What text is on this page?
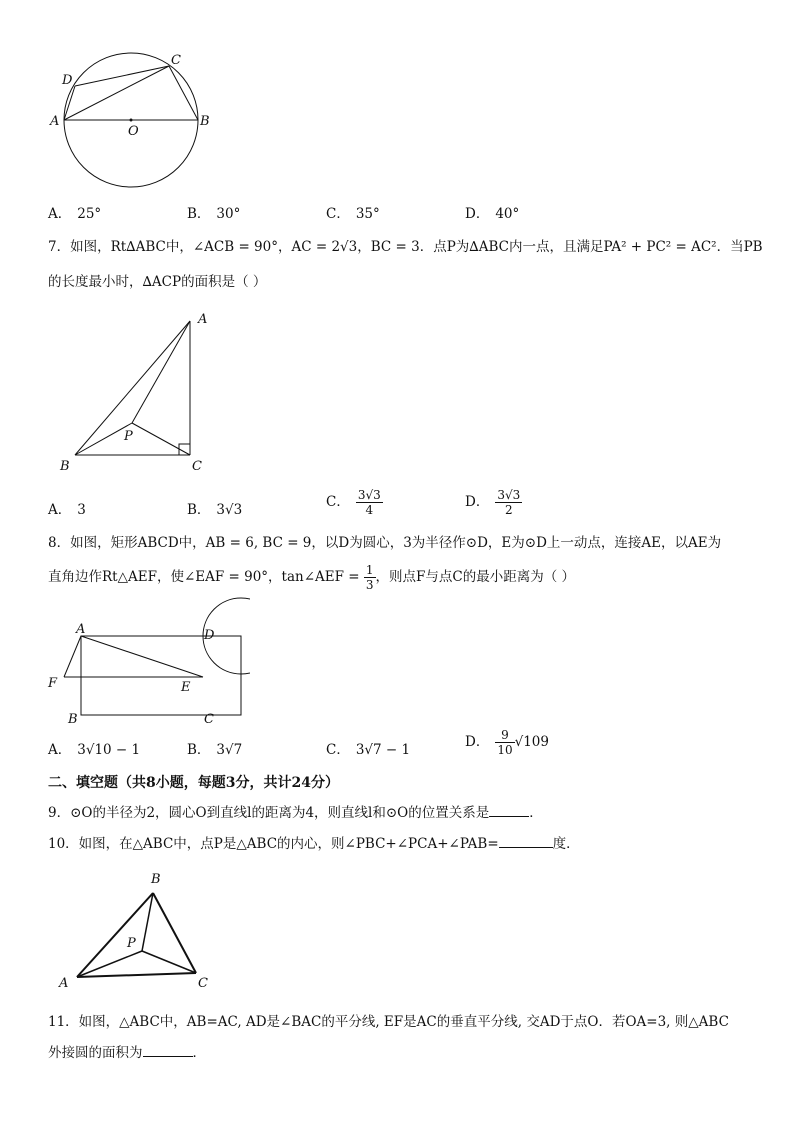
D
C
A
O
B
A． 25°	B． 30°	C． 35°	D． 40°
7．如图，Rt∆ABC中，∠ACB = 90°，AC = 2√3，BC = 3．点P为∆ABC内一点，且满足PA² + PC² = AC²．当PB
的长度最小时，∆ACP的面积是（ ）
A
P
B	C
A． 3	B． 3√3	C． $\frac{3√3}{4}$	D． $\frac{3√3}{2}$
8．如图，矩形ABCD中，AB = 6, BC = 9，以D为圆心，3为半径作⊙D，E为⊙D上一动点，连接AE，以AE为
直角边作Rt△AEF，使∠EAF = 90°，tan∠AEF = $\frac{1}{3}$ ，则点F与点C的最小距离为（ ）
A	D
F	E
B	C
A． 3√10 − 1	B． 3√7	C． 3√7 − 1	D． $\frac{9}{10} √109$
二、填空题（共8小题，每题3分，共计24分）
9．⊙O的半径为2，圆心O到直线l的距离为4，则直线l和⊙O的位置关系是	．
10．如图，在△ABC中，点P是△ABC的内心，则∠PBC+∠PCA+∠PAB=	度．
B
P
A	C
11．如图，△ABC中，AB=AC, AD是∠BAC的平分线, EF是AC的垂直平分线, 交AD于点O．若OA=3, 则△ABC
外接圆的面积为	．
